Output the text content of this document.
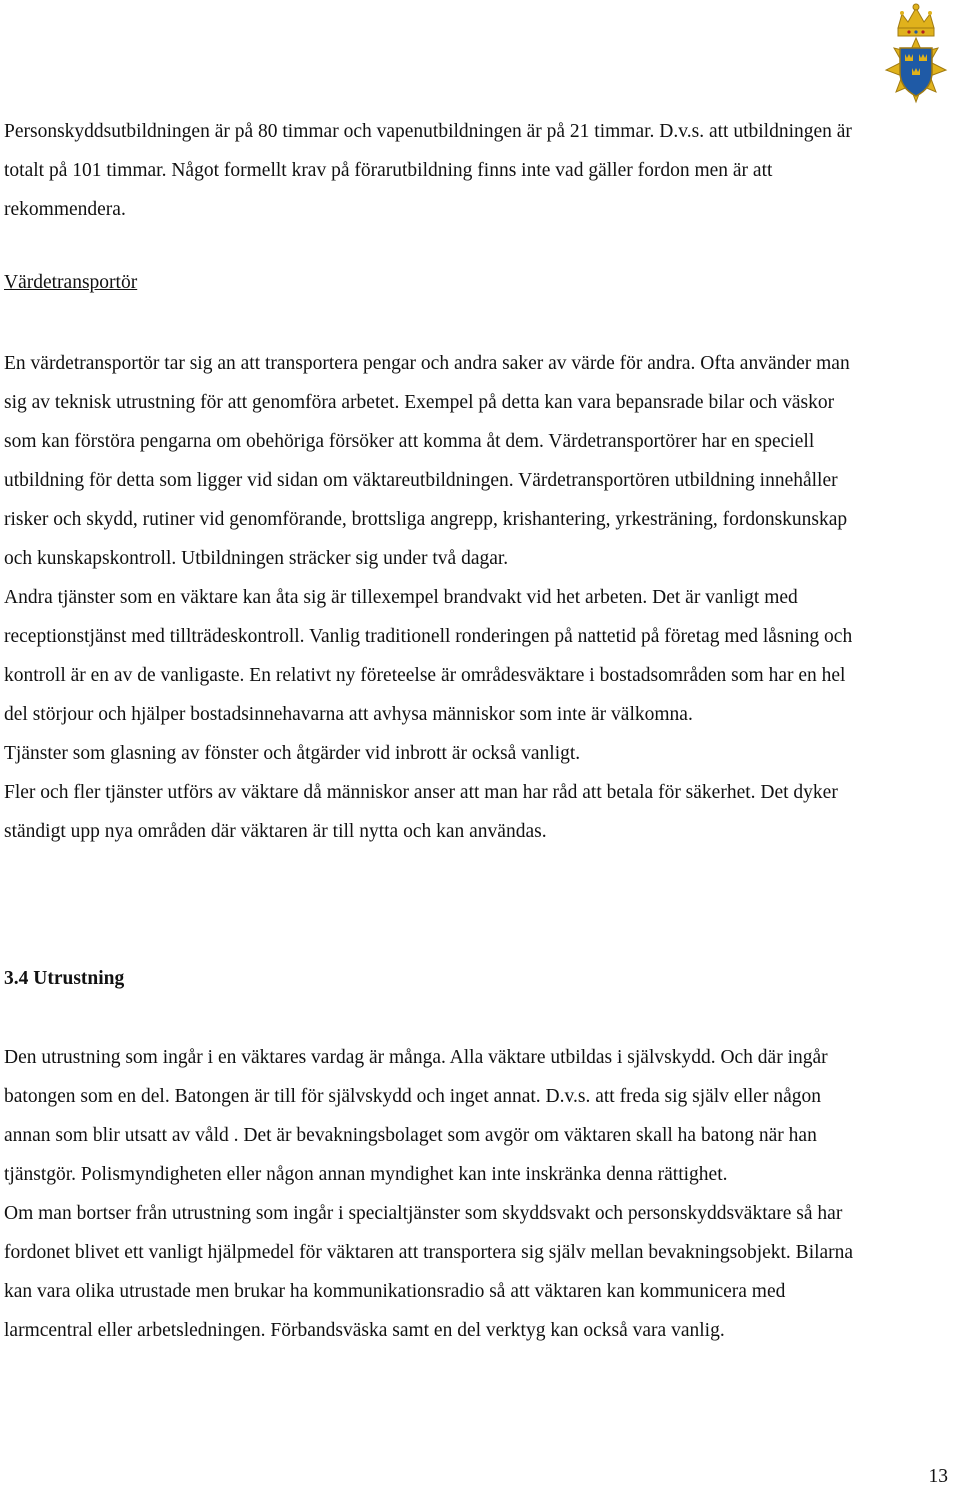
Personskyddsutbildningen är på 80 timmar och vapenutbildningen är på 21 timmar. D.v.s. att utbildningen är totalt på 101 timmar. Något formellt krav på förarutbildning finns inte vad gäller fordon men är att rekommendera.

Värdetransportör

En värdetransportör tar sig an att transportera pengar och andra saker av värde för andra. Ofta använder man sig av teknisk utrustning för att genomföra arbetet. Exempel på detta kan vara bepansrade bilar och väskor som kan förstöra pengarna om obehöriga försöker att komma åt dem. Värdetransportörer har en speciell utbildning för detta som ligger vid sidan om väktareutbildningen. Värdetransportören utbildning innehåller risker och skydd, rutiner vid genomförande, brottsliga angrepp, krishantering, yrkesträning, fordonskunskap och kunskapskontroll. Utbildningen sträcker sig under två dagar.

Andra tjänster som en väktare kan åta sig är tillexempel brandvakt vid het arbeten. Det är vanligt med receptionstjänst med tillträdeskontroll. Vanlig traditionell ronderingen på nattetid på företag med låsning och kontroll är en av de vanligaste. En relativt ny företeelse är områdesväktare i bostadsområden som har en hel del störjour och hjälper bostadsinnehavarna att avhysa människor som inte är välkomna.

Tjänster som glasning av fönster och åtgärder vid inbrott är också vanligt.

Fler och fler tjänster utförs av väktare då människor anser att man har råd att betala för säkerhet. Det dyker ständigt upp nya områden där väktaren är till nytta och kan användas.

3.4 Utrustning

Den utrustning som ingår i en väktares vardag är många. Alla väktare utbildas i självskydd. Och där ingår batongen som en del. Batongen är till för självskydd och inget annat. D.v.s. att freda sig själv eller någon annan som blir utsatt av våld . Det är bevakningsbolaget som avgör om väktaren skall ha batong när han tjänstgör. Polismyndigheten eller någon annan myndighet kan inte inskränka denna rättighet.

Om man bortser från utrustning som ingår i specialtjänster som skyddsvakt och personskyddsväktare så har fordonet blivet ett vanligt hjälpmedel för väktaren att transportera sig själv mellan bevakningsobjekt. Bilarna kan vara olika utrustade men brukar ha kommunikationsradio så att väktaren kan kommunicera med larmcentral eller arbetsledningen. Förbandsväska samt en del verktyg kan också vara vanlig.

13
